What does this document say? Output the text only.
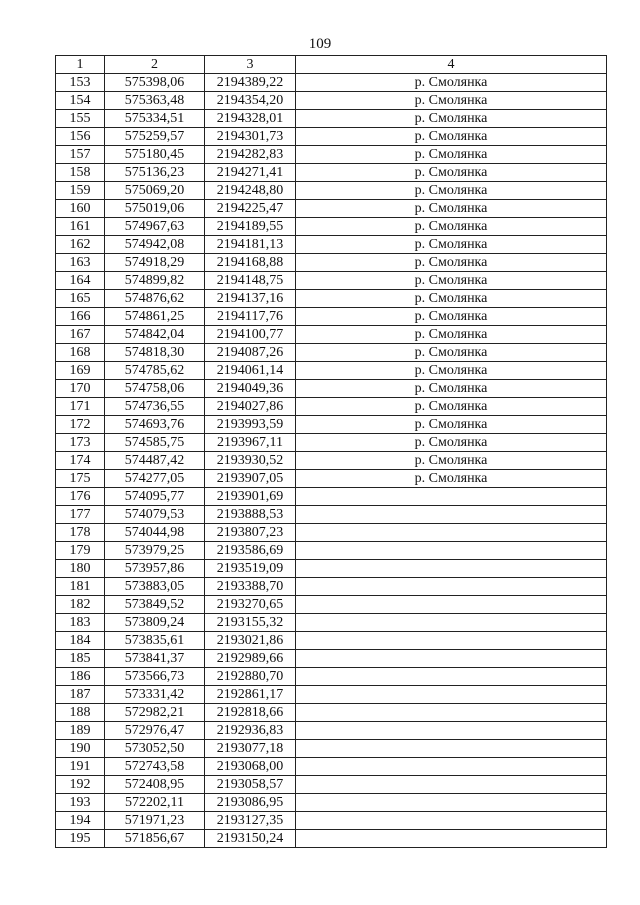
109
1	2	3	4
153	575398,06	2194389,22	р. Смолянка
154	575363,48	2194354,20	р. Смолянка
155	575334,51	2194328,01	р. Смолянка
156	575259,57	2194301,73	р. Смолянка
157	575180,45	2194282,83	р. Смолянка
158	575136,23	2194271,41	р. Смолянка
159	575069,20	2194248,80	р. Смолянка
160	575019,06	2194225,47	р. Смолянка
161	574967,63	2194189,55	р. Смолянка
162	574942,08	2194181,13	р. Смолянка
163	574918,29	2194168,88	р. Смолянка
164	574899,82	2194148,75	р. Смолянка
165	574876,62	2194137,16	р. Смолянка
166	574861,25	2194117,76	р. Смолянка
167	574842,04	2194100,77	р. Смолянка
168	574818,30	2194087,26	р. Смолянка
169	574785,62	2194061,14	р. Смолянка
170	574758,06	2194049,36	р. Смолянка
171	574736,55	2194027,86	р. Смолянка
172	574693,76	2193993,59	р. Смолянка
173	574585,75	2193967,11	р. Смолянка
174	574487,42	2193930,52	р. Смолянка
175	574277,05	2193907,05	р. Смолянка
176	574095,77	2193901,69	
177	574079,53	2193888,53	
178	574044,98	2193807,23	
179	573979,25	2193586,69	
180	573957,86	2193519,09	
181	573883,05	2193388,70	
182	573849,52	2193270,65	
183	573809,24	2193155,32	
184	573835,61	2193021,86	
185	573841,37	2192989,66	
186	573566,73	2192880,70	
187	573331,42	2192861,17	
188	572982,21	2192818,66	
189	572976,47	2192936,83	
190	573052,50	2193077,18	
191	572743,58	2193068,00	
192	572408,95	2193058,57	
193	572202,11	2193086,95	
194	571971,23	2193127,35	
195	571856,67	2193150,24	
